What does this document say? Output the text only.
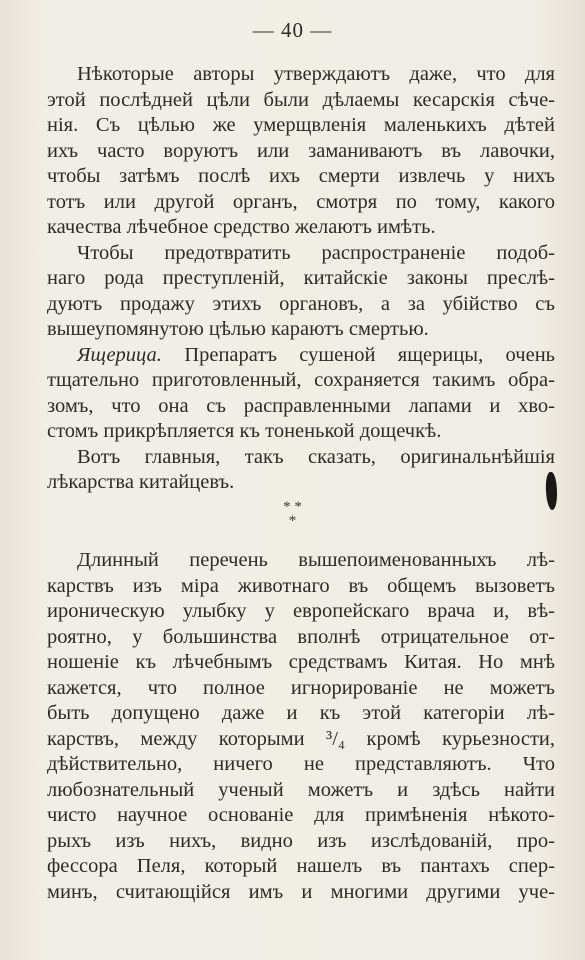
— 40 —
Нѣкоторые авторы утверждаютъ даже, что для
этой послѣдней цѣли были дѣлаемы кесарскія сѣче-
нія. Съ цѣлью же умерщвленія маленькихъ дѣтей
ихъ часто воруютъ или заманиваютъ въ лавочки,
чтобы затѣмъ послѣ ихъ смерти извлечь у нихъ
тотъ или другой органъ, смотря по тому, какого
качества лѣчебное средство желаютъ имѣть.
Чтобы предотвратить распространеніе подоб-
наго рода преступленій, китайскіе законы преслѣ-
дуютъ продажу этихъ органовъ, а за убійство съ
вышеупомянутою цѣлью караютъ смертью.
Ящерица. Препаратъ сушеной ящерицы, очень
тщательно приготовленный, сохраняется такимъ обра-
зомъ, что она съ расправленными лапами и хво-
стомъ прикрѣпляется къ тоненькой дощечкѣ.
Вотъ главныя, такъ сказать, оригинальнѣйшія
лѣкарства китайцевъ.
* *
*
Длинный перечень вышепоименованныхъ лѣ-
карствъ изъ міра животнаго въ общемъ вызоветъ
ироническую улыбку у европейскаго врача и, вѣ-
роятно, у большинства вполнѣ отрицательное от-
ношеніе къ лѣчебнымъ средствамъ Китая. Но мнѣ
кажется, что полное игнорированіе не можетъ
быть допущено даже и къ этой категоріи лѣ-
карствъ, между которыми ³/₄ кромѣ курьезности,
дѣйствительно, ничего не представляютъ. Что
любознательный ученый можетъ и здѣсь найти
чисто научное основаніе для примѣненія нѣкото-
рыхъ изъ нихъ, видно изъ изслѣдованій, про-
фессора Пеля, который нашелъ въ пантахъ спер-
минъ, считающійся имъ и многими другими уче-
